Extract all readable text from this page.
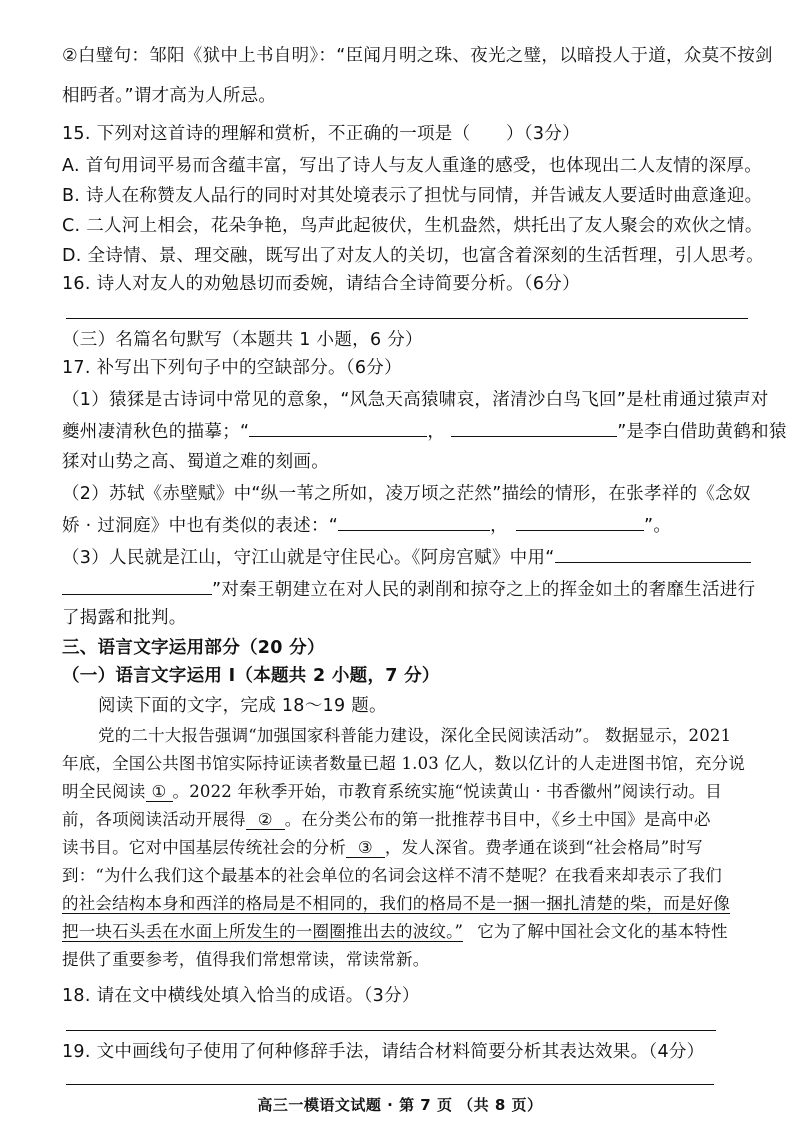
②白璧句：邹阳《狱中上书自明》：“臣闻月明之珠、夜光之璧，以暗投人于道，众莫不按剑
相眄者。”谓才高为人所忌。
15. 下列对这首诗的理解和赏析，不正确的一项是（　　）（3分）
A. 首句用词平易而含蕴丰富，写出了诗人与友人重逢的感受，也体现出二人友情的深厚。
B. 诗人在称赞友人品行的同时对其处境表示了担忧与同情，并告诫友人要适时曲意逢迎。
C. 二人河上相会，花朵争艳，鸟声此起彼伏，生机盎然，烘托出了友人聚会的欢伙之情。
D. 全诗情、景、理交融，既写出了对友人的关切，也富含着深刻的生活哲理，引人思考。
16. 诗人对友人的劝勉恳切而委婉，请结合全诗简要分析。（6分）
（三）名篇名句默写（本题共 1 小题，6 分）
17. 补写出下列句子中的空缺部分。（6分）
（1）猿猱是古诗词中常见的意象，“风急天高猿啸哀，渚清沙白鸟飞回”是杜甫通过猿声对
夔州凄清秋色的描摹；“	，	”是李白借助黄鹤和猿
猱对山势之高、蜀道之难的刻画。
（2）苏轼《赤壁赋》中“纵一苇之所如，凌万顷之茫然”描绘的情形，在张孝祥的《念奴
娇 · 过洞庭》中也有类似的表述：“	，	”。
（3）人民就是江山，守江山就是守住民心。《阿房宫赋》中用“
”对秦王朝建立在对人民的剥削和掠夺之上的挥金如土的奢靡生活进行
了揭露和批判。
三、语言文字运用部分（20 分）
（一）语言文字运用 Ⅰ（本题共 2 小题，7 分）
阅读下面的文字，完成 18～19 题。
党的二十大报告强调“加强国家科普能力建设，深化全民阅读活动”。 数据显示，2021
年底，全国公共图书馆实际持证读者数量已超 1.03 亿人，数以亿计的人走进图书馆，充分说
明全民阅读 ① 。2022 年秋季开始，市教育系统实施“悦读黄山 · 书香徽州”阅读行动。目
前，各项阅读活动开展得 ② 。在分类公布的第一批推荐书目中，《乡土中国》是高中必
读书目。它对中国基层传统社会的分析 ③ ，发人深省。费孝通在谈到“社会格局”时写
到：“为什么我们这个最基本的社会单位的名词会这样不清不楚呢？在我看来却表示了我们
的社会结构本身和西洋的格局是不相同的，我们的格局不是一捆一捆扎清楚的柴，而是好像
把一块石头丢在水面上所发生的一圈圈推出去的波纹。” 它为了解中国社会文化的基本特性
提供了重要参考，值得我们常想常读，常读常新。
18. 请在文中横线处填入恰当的成语。（3分）
19. 文中画线句子使用了何种修辞手法，请结合材料简要分析其表达效果。（4分）
高三一模语文试题 · 第 7 页 （共 8 页）
